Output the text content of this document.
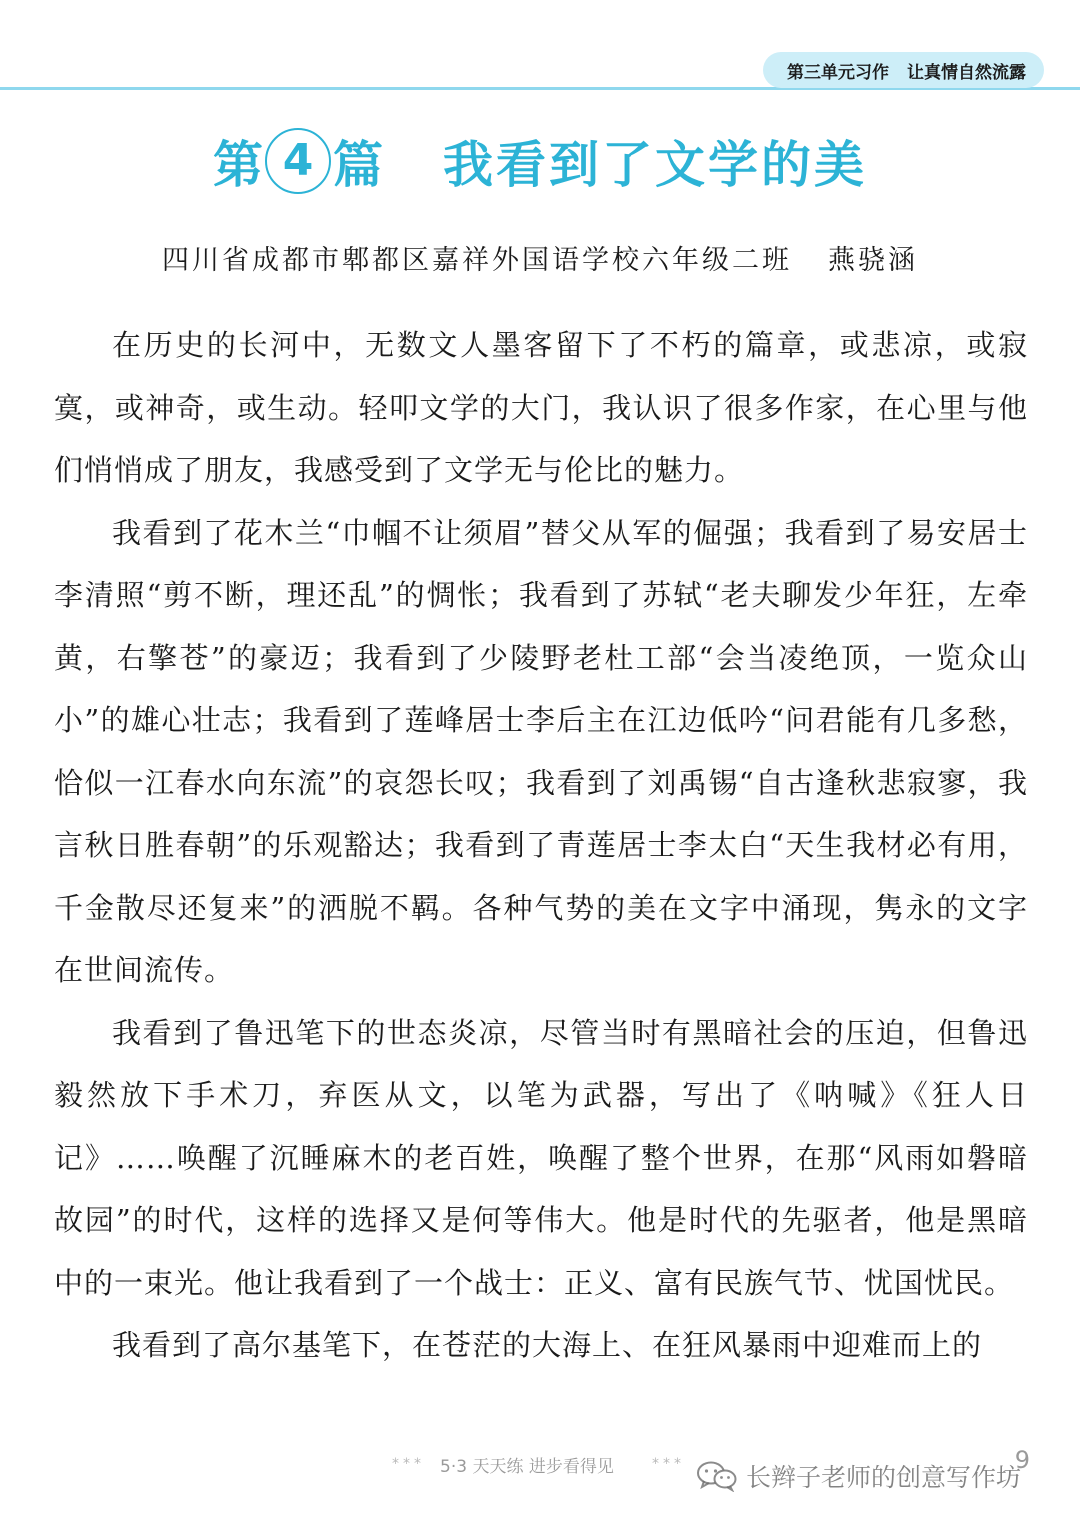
第三单元习作 让真情自然流露
第 4 篇 我看到了文学的美
四川省成都市郫都区嘉祥外国语学校六年级二班 燕骁涵

在历史的长河中，无数文人墨客留下了不朽的篇章，或悲凉，或寂寞，或神奇，或生动。轻叩文学的大门，我认识了很多作家，在心里与他们悄悄成了朋友，我感受到了文学无与伦比的魅力。

我看到了花木兰“巾帼不让须眉”替父从军的倔强；我看到了易安居士李清照“剪不断，理还乱”的惆怅；我看到了苏轼“老夫聊发少年狂，左牵黄，右擎苍”的豪迈；我看到了少陵野老杜工部“会当凌绝顶，一览众山小”的雄心壮志；我看到了莲峰居士李后主在江边低吟“问君能有几多愁，恰似一江春水向东流”的哀怨长叹；我看到了刘禹锡“自古逢秋悲寂寥，我言秋日胜春朝”的乐观豁达；我看到了青莲居士李太白“天生我材必有用，千金散尽还复来”的洒脱不羁。各种气势的美在文字中涌现，隽永的文字在世间流传。

我看到了鲁迅笔下的世态炎凉，尽管当时有黑暗社会的压迫，但鲁迅毅然放下手术刀，弃医从文，以笔为武器，写出了《呐喊》《狂人日记》……唤醒了沉睡麻木的老百姓，唤醒了整个世界，在那“风雨如磐暗故园”的时代，这样的选择又是何等伟大。他是时代的先驱者，他是黑暗中的一束光。他让我看到了一个战士：正义、富有民族气节、忧国忧民。

我看到了高尔基笔下，在苍茫的大海上、在狂风暴雨中迎难而上的

*** 5·3 天天练 进步看得见	***	9
长辫子老师的创意写作坊
